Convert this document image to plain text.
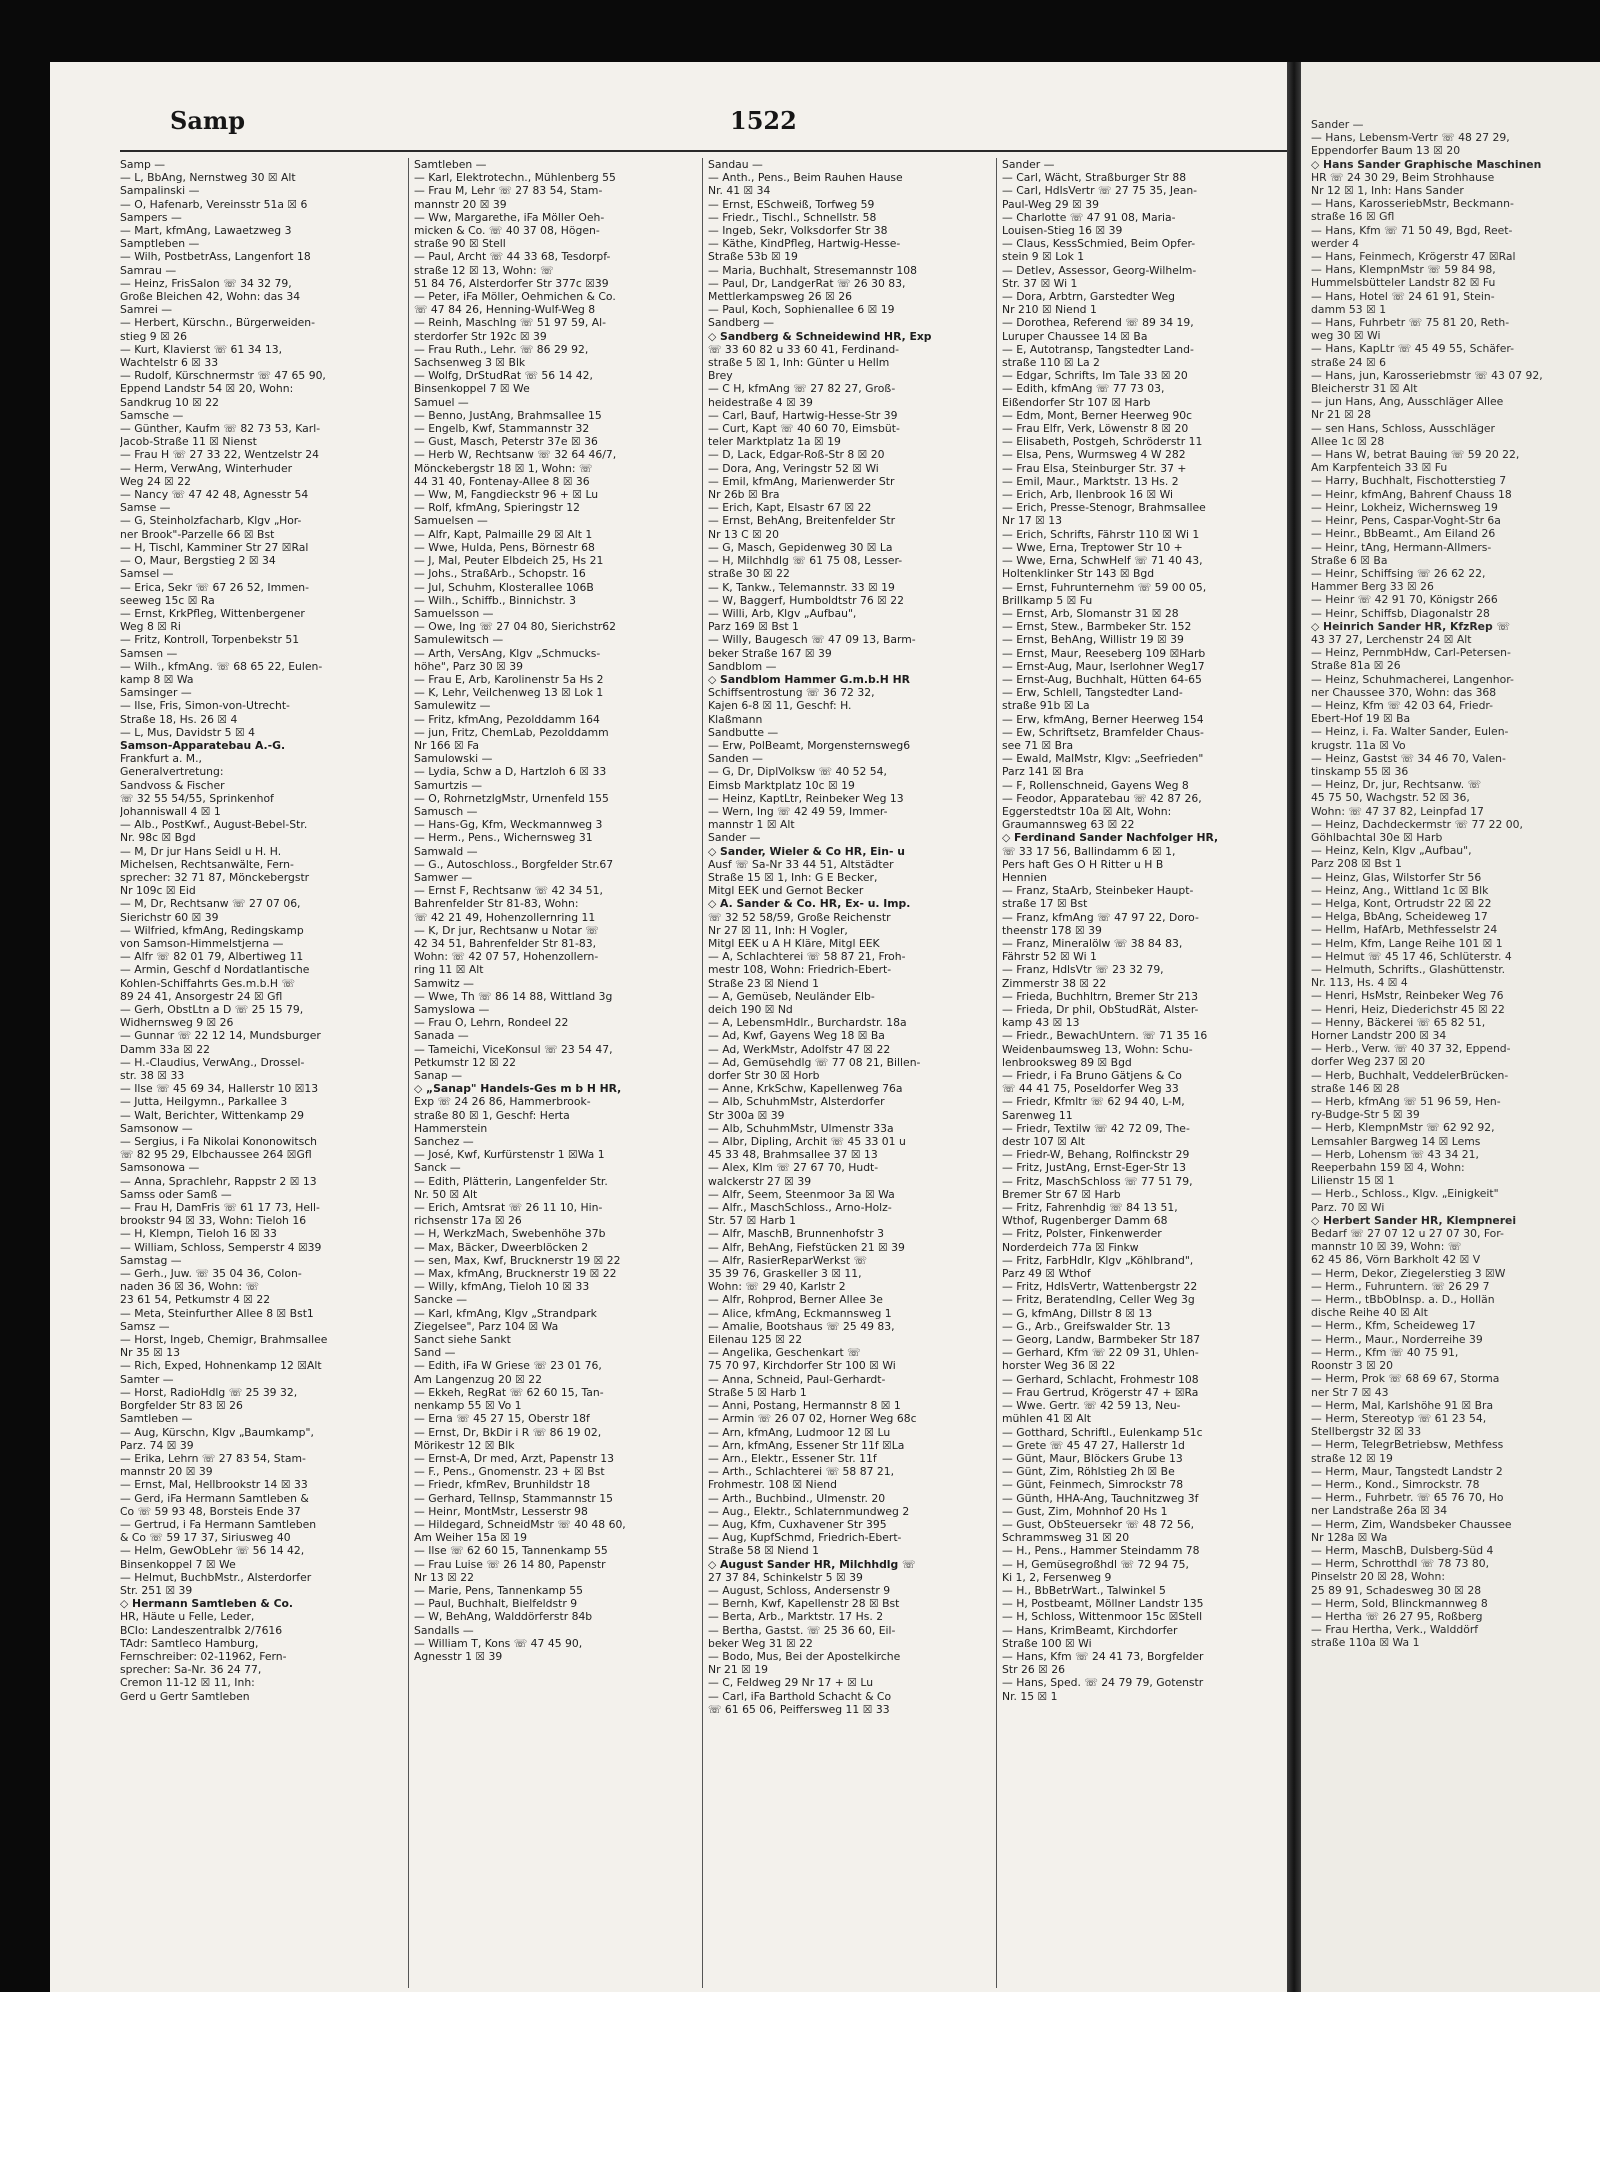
Samp	1522
Samp —
— L, BbAng, Nernstweg 30 ☒ Alt
Sampalinski —
— O, Hafenarb, Vereinsstr 51a ☒ 6
Sampers —
— Mart, kfmAng, Lawaetzweg 3
Samptleben —
— Wilh, PostbetrAss, Langenfort 18
Samrau —
— Heinz, FrisSalon ☏ 34 32 79,
Große Bleichen 42, Wohn: das 34
Samrei —
— Herbert, Kürschn., Bürgerweiden-
stieg 9 ☒ 26
— Kurt, Klavierst ☏ 61 34 13,
Wachtelstr 6 ☒ 33
— Rudolf, Kürschnermstr ☏ 47 65 90,
Eppend Landstr 54 ☒ 20, Wohn:
Sandkrug 10 ☒ 22
Samsche —
— Günther, Kaufm ☏ 82 73 53, Karl-
Jacob-Straße 11 ☒ Nienst
— Frau H ☏ 27 33 22, Wentzelstr 24
— Herm, VerwAng, Winterhuder
Weg 24 ☒ 22
— Nancy ☏ 47 42 48, Agnesstr 54
Samse —
— G, Steinholzfacharb, Klgv „Hor-
ner Brook"-Parzelle 66 ☒ Bst
— H, Tischl, Kamminer Str 27 ☒Ral
— O, Maur, Bergstieg 2 ☒ 34
Samsel —
— Erica, Sekr ☏ 67 26 52, Immen-
seeweg 15c ☒ Ra
— Ernst, KrkPfleg, Wittenbergener
Weg 8 ☒ Ri
— Fritz, Kontroll, Torpenbekstr 51
Samsen —
— Wilh., kfmAng. ☏ 68 65 22, Eulen-
kamp 8 ☒ Wa
Samsinger —
— Ilse, Fris, Simon-von-Utrecht-
Straße 18, Hs. 26 ☒ 4
— L, Mus, Davidstr 5 ☒ 4
Samson-Apparatebau A.-G.
Frankfurt a. M.,
Generalvertretung:
Sandvoss & Fischer
☏ 32 55 54/55, Sprinkenhof
Johanniswall 4 ☒ 1
— Alb., PostKwf., August-Bebel-Str.
Nr. 98c ☒ Bgd
— M, Dr jur Hans Seidl u H. H.
Michelsen, Rechtsanwälte, Fern-
sprecher: 32 71 87, Mönckebergstr
Nr 109c ☒ Eid
— M, Dr, Rechtsanw ☏ 27 07 06,
Sierichstr 60 ☒ 39
— Wilfried, kfmAng, Redingskamp
von Samson-Himmelstjerna —
— Alfr ☏ 82 01 79, Albertiweg 11
— Armin, Geschf d Nordatlantische
Kohlen-Schiffahrts Ges.m.b.H ☏
89 24 41, Ansorgestr 24 ☒ Gfl
— Gerh, ObstLtn a D ☏ 25 15 79,
Widhernsweg 9 ☒ 26
— Gunnar ☏ 22 12 14, Mundsburger
Damm 33a ☒ 22
— H.-Claudius, VerwAng., Drossel-
str. 38 ☒ 33
— Ilse ☏ 45 69 34, Hallerstr 10 ☒13
— Jutta, Heilgymn., Parkallee 3
— Walt, Berichter, Wittenkamp 29
Samsonow —
— Sergius, i Fa Nikolai Kononowitsch
☏ 82 95 29, Elbchaussee 264 ☒Gfl
Samsonowa —
— Anna, Sprachlehr, Rappstr 2 ☒ 13
Samss oder Samß —
— Frau H, DamFris ☏ 61 17 73, Hell-
brookstr 94 ☒ 33, Wohn: Tieloh 16
— H, Klempn, Tieloh 16 ☒ 33
— William, Schloss, Semperstr 4 ☒39
Samstag —
— Gerh., Juw. ☏ 35 04 36, Colon-
naden 36 ☒ 36, Wohn: ☏
23 61 54, Petkumstr 4 ☒ 22
— Meta, Steinfurther Allee 8 ☒ Bst1
Samsz —
— Horst, Ingeb, Chemigr, Brahmsallee
Nr 35 ☒ 13
— Rich, Exped, Hohnenkamp 12 ☒Alt
Samter —
— Horst, RadioHdlg ☏ 25 39 32,
Borgfelder Str 83 ☒ 26
Samtleben —
— Aug, Kürschn, Klgv „Baumkamp",
Parz. 74 ☒ 39
— Erika, Lehrn ☏ 27 83 54, Stam-
mannstr 20 ☒ 39
— Ernst, Mal, Hellbrookstr 14 ☒ 33
— Gerd, iFa Hermann Samtleben &
Co ☏ 59 93 48, Borsteis Ende 37
— Gertrud, i Fa Hermann Samtleben
& Co ☏ 59 17 37, Siriusweg 40
— Helm, GewObLehr ☏ 56 14 42,
Binsenkoppel 7 ☒ We
— Helmut, BuchbMstr., Alsterdorfer
Str. 251 ☒ 39
◇ Hermann Samtleben & Co.
HR, Häute u Felle, Leder,
BCIo: Landeszentralbk 2/7616
TAdr: Samtleco Hamburg,
Fernschreiber: 02-11962, Fern-
sprecher: Sa-Nr. 36 24 77,
Cremon 11-12 ☒ 11, Inh:
Gerd u Gertr Samtleben
Samtleben —
— Karl, Elektrotechn., Mühlenberg 55
— Frau M, Lehr ☏ 27 83 54, Stam-
mannstr 20 ☒ 39
— Ww, Margarethe, iFa Möller Oeh-
micken & Co. ☏ 40 37 08, Högen-
straße 90 ☒ Stell
— Paul, Archt ☏ 44 33 68, Tesdorpf-
straße 12 ☒ 13, Wohn: ☏
51 84 76, Alsterdorfer Str 377c ☒39
— Peter, iFa Möller, Oehmichen & Co.
☏ 47 84 26, Henning-Wulf-Weg 8
— Reinh, Maschlng ☏ 51 97 59, Al-
sterdorfer Str 192c ☒ 39
— Frau Ruth., Lehr. ☏ 86 29 92,
Sachsenweg 3 ☒ Blk
— Wolfg, DrStudRat ☏ 56 14 42,
Binsenkoppel 7 ☒ We
Samuel —
— Benno, JustAng, Brahmsallee 15
— Engelb, Kwf, Stammannstr 32
— Gust, Masch, Peterstr 37e ☒ 36
— Herb W, Rechtsanw ☏ 32 64 46/7,
Mönckebergstr 18 ☒ 1, Wohn: ☏
44 31 40, Fontenay-Allee 8 ☒ 36
— Ww, M, Fangdieckstr 96 + ☒ Lu
— Rolf, kfmAng, Spieringstr 12
Samuelsen —
— Alfr, Kapt, Palmaille 29 ☒ Alt 1
— Wwe, Hulda, Pens, Börnestr 68
— J, Mal, Peuter Elbdeich 25, Hs 21
— Johs., StraßArb., Schopstr. 16
— Jul, Schuhm, Klosterallee 106B
— Wilh., Schiffb., Binnichstr. 3
Samuelsson —
— Owe, Ing ☏ 27 04 80, Sierichstr62
Samulewitsch —
— Arth, VersAng, Klgv „Schmucks-
höhe", Parz 30 ☒ 39
— Frau E, Arb, Karolinenstr 5a Hs 2
— K, Lehr, Veilchenweg 13 ☒ Lok 1
Samulewitz —
— Fritz, kfmAng, Pezolddamm 164
— jun, Fritz, ChemLab, Pezolddamm
Nr 166 ☒ Fa
Samulowski —
— Lydia, Schw a D, Hartzloh 6 ☒ 33
Samurtzis —
— O, RohrnetzlgMstr, Urnenfeld 155
Samusch —
— Hans-Gg, Kfm, Weckmannweg 3
— Herm., Pens., Wichernsweg 31
Samwald —
— G., Autoschloss., Borgfelder Str.67
Samwer —
— Ernst F, Rechtsanw ☏ 42 34 51,
Bahrenfelder Str 81-83, Wohn:
☏ 42 21 49, Hohenzollernring 11
— K, Dr jur, Rechtsanw u Notar ☏
42 34 51, Bahrenfelder Str 81-83,
Wohn: ☏ 42 07 57, Hohenzollern-
ring 11 ☒ Alt
Samwitz —
— Wwe, Th ☏ 86 14 88, Wittland 3g
Samyslowa —
— Frau O, Lehrn, Rondeel 22
Sanada —
— Tameichi, ViceKonsul ☏ 23 54 47,
Petkumstr 12 ☒ 22
Sanap —
◇ „Sanap" Handels-Ges m b H HR,
Exp ☏ 24 26 86, Hammerbrook-
straße 80 ☒ 1, Geschf: Herta
Hammerstein
Sanchez —
— José, Kwf, Kurfürstenstr 1 ☒Wa 1
Sanck —
— Edith, Plätterin, Langenfelder Str.
Nr. 50 ☒ Alt
— Erich, Amtsrat ☏ 26 11 10, Hin-
richsenstr 17a ☒ 26
— H, WerkzMach, Swebenhöhe 37b
— Max, Bäcker, Dweerblöcken 2
— sen, Max, Kwf, Brucknerstr 19 ☒ 22
— Max, kfmAng, Brucknerstr 19 ☒ 22
— Willy, kfmAng, Tieloh 10 ☒ 33
Sancke —
— Karl, kfmAng, Klgv „Strandpark
Ziegelsee", Parz 104 ☒ Wa
Sanct siehe Sankt
Sand —
— Edith, iFa W Griese ☏ 23 01 76,
Am Langenzug 20 ☒ 22
— Ekkeh, RegRat ☏ 62 60 15, Tan-
nenkamp 55 ☒ Vo 1
— Erna ☏ 45 27 15, Oberstr 18f
— Ernst, Dr, BkDir i R ☏ 86 19 02,
Mörikestr 12 ☒ Blk
— Ernst-A, Dr med, Arzt, Papenstr 13
— F., Pens., Gnomenstr. 23 + ☒ Bst
— Friedr, kfmRev, Brunhildstr 18
— Gerhard, Tellnsp, Stammannstr 15
— Heinr, MontMstr, Lesserstr 98
— Hildegard, SchneidMstr ☏ 40 48 60,
Am Weiher 15a ☒ 19
— Ilse ☏ 62 60 15, Tannenkamp 55
— Frau Luise ☏ 26 14 80, Papenstr
Nr 13 ☒ 22
— Marie, Pens, Tannenkamp 55
— Paul, Buchhalt, Bielfeldstr 9
— W, BehAng, Walddörferstr 84b
Sandalls —
— William T, Kons ☏ 47 45 90,
Agnesstr 1 ☒ 39
Sandau —
— Anth., Pens., Beim Rauhen Hause
Nr. 41 ☒ 34
— Ernst, ESchweiß, Torfweg 59
— Friedr., Tischl., Schnellstr. 58
— Ingeb, Sekr, Volksdorfer Str 38
— Käthe, KindPfleg, Hartwig-Hesse-
Straße 53b ☒ 19
— Maria, Buchhalt, Stresemannstr 108
— Paul, Dr, LandgerRat ☏ 26 30 83,
Mettlerkampsweg 26 ☒ 26
— Paul, Koch, Sophienallee 6 ☒ 19
Sandberg —
◇ Sandberg & Schneidewind HR, Exp
☏ 33 60 82 u 33 60 41, Ferdinand-
straße 5 ☒ 1, Inh: Günter u Hellm
Brey
— C H, kfmAng ☏ 27 82 27, Groß-
heidestraße 4 ☒ 39
— Carl, Bauf, Hartwig-Hesse-Str 39
— Curt, Kapt ☏ 40 60 70, Eimsbüt-
teler Marktplatz 1a ☒ 19
— D, Lack, Edgar-Roß-Str 8 ☒ 20
— Dora, Ang, Veringstr 52 ☒ Wi
— Emil, kfmAng, Marienwerder Str
Nr 26b ☒ Bra
— Erich, Kapt, Elsastr 67 ☒ 22
— Ernst, BehAng, Breitenfelder Str
Nr 13 C ☒ 20
— G, Masch, Gepidenweg 30 ☒ La
— H, Milchhdlg ☏ 61 75 08, Lesser-
straße 30 ☒ 22
— K, Tankw., Telemannstr. 33 ☒ 19
— W, Baggerf, Humboldtstr 76 ☒ 22
— Willi, Arb, Klgv „Aufbau",
Parz 169 ☒ Bst 1
— Willy, Baugesch ☏ 47 09 13, Barm-
beker Straße 167 ☒ 39
Sandblom —
◇ Sandblom Hammer G.m.b.H HR
Schiffsentrostung ☏ 36 72 32,
Kajen 6-8 ☒ 11, Geschf: H.
Klaßmann
Sandbutte —
— Erw, PolBeamt, Morgensternsweg6
Sanden —
— G, Dr, DiplVolksw ☏ 40 52 54,
Eimsb Marktplatz 10c ☒ 19
— Heinz, KaptLtr, Reinbeker Weg 13
— Wern, Ing ☏ 42 49 59, Immer-
mannstr 1 ☒ Alt
Sander —
◇ Sander, Wieler & Co HR, Ein- u
Ausf ☏ Sa-Nr 33 44 51, Altstädter
Straße 15 ☒ 1, Inh: G E Becker,
Mitgl EEK und Gernot Becker
◇ A. Sander & Co. HR, Ex- u. Imp.
☏ 32 52 58/59, Große Reichenstr
Nr 27 ☒ 11, Inh: H Vogler,
Mitgl EEK u A H Kläre, Mitgl EEK
— A, Schlachterei ☏ 58 87 21, Froh-
mestr 108, Wohn: Friedrich-Ebert-
Straße 23 ☒ Niend 1
— A, Gemüseb, Neuländer Elb-
deich 190 ☒ Nd
— A, LebensmHdlr., Burchardstr. 18a
— Ad, Kwf, Gayens Weg 18 ☒ Ba
— Ad, WerkMstr, Adolfstr 47 ☒ 22
— Ad, Gemüsehdlg ☏ 77 08 21, Billen-
dorfer Str 30 ☒ Horb
— Anne, KrkSchw, Kapellenweg 76a
— Alb, SchuhmMstr, Alsterdorfer
Str 300a ☒ 39
— Alb, SchuhmMstr, Ulmenstr 33a
— Albr, Dipling, Archit ☏ 45 33 01 u
45 33 48, Brahmsallee 37 ☒ 13
— Alex, Klm ☏ 27 67 70, Hudt-
walckerstr 27 ☒ 39
— Alfr, Seem, Steenmoor 3a ☒ Wa
— Alfr., MaschSchloss., Arno-Holz-
Str. 57 ☒ Harb 1
— Alfr, MaschB, Brunnenhofstr 3
— Alfr, BehAng, Fiefstücken 21 ☒ 39
— Alfr, RasierReparWerkst ☏
35 39 76, Graskeller 3 ☒ 11,
Wohn: ☏ 29 40, Karlstr 2
— Alfr, Rohprod, Berner Allee 3e
— Alice, kfmAng, Eckmannsweg 1
— Amalie, Bootshaus ☏ 25 49 83,
Eilenau 125 ☒ 22
— Angelika, Geschenkart ☏
75 70 97, Kirchdorfer Str 100 ☒ Wi
— Anna, Schneid, Paul-Gerhardt-
Straße 5 ☒ Harb 1
— Anni, Postang, Hermannstr 8 ☒ 1
— Armin ☏ 26 07 02, Horner Weg 68c
— Arn, kfmAng, Ludmoor 12 ☒ Lu
— Arn, kfmAng, Essener Str 11f ☒La
— Arn., Elektr., Essener Str. 11f
— Arth., Schlachterei ☏ 58 87 21,
Frohmestr. 108 ☒ Niend
— Arth., Buchbind., Ulmenstr. 20
— Aug., Elektr., Schlaternmundweg 2
— Aug, Kfm, Cuxhavener Str 395
— Aug, KupfSchmd, Friedrich-Ebert-
Straße 58 ☒ Niend 1
◇ August Sander HR, Milchhdlg ☏
27 37 84, Schinkelstr 5 ☒ 39
— August, Schloss, Andersenstr 9
— Bernh, Kwf, Kapellenstr 28 ☒ Bst
— Berta, Arb., Marktstr. 17 Hs. 2
— Bertha, Gastst. ☏ 25 36 60, Eil-
beker Weg 31 ☒ 22
— Bodo, Mus, Bei der Apostelkirche
Nr 21 ☒ 19
— C, Feldweg 29 Nr 17 + ☒ Lu
— Carl, iFa Barthold Schacht & Co
☏ 61 65 06, Peiffersweg 11 ☒ 33
Sander —
— Carl, Wächt, Straßburger Str 88
— Carl, HdlsVertr ☏ 27 75 35, Jean-
Paul-Weg 29 ☒ 39
— Charlotte ☏ 47 91 08, Maria-
Louisen-Stieg 16 ☒ 39
— Claus, KessSchmied, Beim Opfer-
stein 9 ☒ Lok 1
— Detlev, Assessor, Georg-Wilhelm-
Str. 37 ☒ Wi 1
— Dora, Arbtrn, Garstedter Weg
Nr 210 ☒ Niend 1
— Dorothea, Referend ☏ 89 34 19,
Luruper Chaussee 14 ☒ Ba
— E, Autotransp, Tangstedter Land-
straße 110 ☒ La 2
— Edgar, Schrifts, Im Tale 33 ☒ 20
— Edith, kfmAng ☏ 77 73 03,
Eißendorfer Str 107 ☒ Harb
— Edm, Mont, Berner Heerweg 90c
— Frau Elfr, Verk, Löwenstr 8 ☒ 20
— Elisabeth, Postgeh, Schröderstr 11
— Elsa, Pens, Wurmsweg 4 W 282
— Frau Elsa, Steinburger Str. 37 +
— Emil, Maur., Marktstr. 13 Hs. 2
— Erich, Arb, Ilenbrook 16 ☒ Wi
— Erich, Presse-Stenogr, Brahmsallee
Nr 17 ☒ 13
— Erich, Schrifts, Fährstr 110 ☒ Wi 1
— Wwe, Erna, Treptower Str 10 +
— Wwe, Erna, SchwHelf ☏ 71 40 43,
Holtenklinker Str 143 ☒ Bgd
— Ernst, Fuhrunternehm ☏ 59 00 05,
Brillkamp 5 ☒ Fu
— Ernst, Arb, Slomanstr 31 ☒ 28
— Ernst, Stew., Barmbeker Str. 152
— Ernst, BehAng, Willistr 19 ☒ 39
— Ernst, Maur, Reeseberg 109 ☒Harb
— Ernst-Aug, Maur, Iserlohner Weg17
— Ernst-Aug, Buchhalt, Hütten 64-65
— Erw, Schlell, Tangstedter Land-
straße 91b ☒ La
— Erw, kfmAng, Berner Heerweg 154
— Ew, Schriftsetz, Bramfelder Chaus-
see 71 ☒ Bra
— Ewald, MalMstr, Klgv: „Seefrieden"
Parz 141 ☒ Bra
— F, Rollenschneid, Gayens Weg 8
— Feodor, Apparatebau ☏ 42 87 26,
Eggerstedtstr 10a ☒ Alt, Wohn:
Graumannsweg 63 ☒ 22
◇ Ferdinand Sander Nachfolger HR,
☏ 33 17 56, Ballindamm 6 ☒ 1,
Pers haft Ges O H Ritter u H B
Hennien
— Franz, StaArb, Steinbeker Haupt-
straße 17 ☒ Bst
— Franz, kfmAng ☏ 47 97 22, Doro-
theenstr 178 ☒ 39
— Franz, Mineralölw ☏ 38 84 83,
Fährstr 52 ☒ Wi 1
— Franz, HdlsVtr ☏ 23 32 79,
Zimmerstr 38 ☒ 22
— Frieda, Buchhltrn, Bremer Str 213
— Frieda, Dr phil, ObStudRät, Alster-
kamp 43 ☒ 13
— Friedr., BewachUntern. ☏ 71 35 16
Weidenbaumsweg 13, Wohn: Schu-
lenbrooksweg 89 ☒ Bgd
— Friedr, i Fa Bruno Gätjens & Co
☏ 44 41 75, Poseldorfer Weg 33
— Friedr, Kfmltr ☏ 62 94 40, L-M,
Sarenweg 11
— Friedr, Textilw ☏ 42 72 09, The-
destr 107 ☒ Alt
— Friedr-W, Behang, Rolfinckstr 29
— Fritz, JustAng, Ernst-Eger-Str 13
— Fritz, MaschSchloss ☏ 77 51 79,
Bremer Str 67 ☒ Harb
— Fritz, Fahrenhdig ☏ 84 13 51,
Wthof, Rugenberger Damm 68
— Fritz, Polster, Finkenwerder
Norderdeich 77a ☒ Finkw
— Fritz, FarbHdlr, Klgv „Köhlbrand",
Parz 49 ☒ Wthof
— Fritz, HdlsVertr, Wattenbergstr 22
— Fritz, BeratendIng, Celler Weg 3g
— G, kfmAng, Dillstr 8 ☒ 13
— G., Arb., Greifswalder Str. 13
— Georg, Landw, Barmbeker Str 187
— Gerhard, Kfm ☏ 22 09 31, Uhlen-
horster Weg 36 ☒ 22
— Gerhard, Schlacht, Frohmestr 108
— Frau Gertrud, Krögerstr 47 + ☒Ra
— Wwe. Gertr. ☏ 42 59 13, Neu-
mühlen 41 ☒ Alt
— Gotthard, Schriftl., Eulenkamp 51c
— Grete ☏ 45 47 27, Hallerstr 1d
— Günt, Maur, Blöckers Grube 13
— Günt, Zim, Röhlstieg 2h ☒ Be
— Günt, Feinmech, Simrockstr 78
— Günth, HHA-Ang, Tauchnitzweg 3f
— Gust, Zim, Mohnhof 20 Hs 1
— Gust, ObSteuersekr ☏ 48 72 56,
Schrammsweg 31 ☒ 20
— H., Pens., Hammer Steindamm 78
— H, Gemüsegroßhdl ☏ 72 94 75,
Ki 1, 2, Fersenweg 9
— H., BbBetrWart., Talwinkel 5
— H, Postbeamt, Möllner Landstr 135
— H, Schloss, Wittenmoor 15c ☒Stell
— Hans, KrimBeamt, Kirchdorfer
Straße 100 ☒ Wi
— Hans, Kfm ☏ 24 41 73, Borgfelder
Str 26 ☒ 26
— Hans, Sped. ☏ 24 79 79, Gotenstr
Nr. 15 ☒ 1
Sander —
— Hans, Lebensm-Vertr ☏ 48 27 29,
Eppendorfer Baum 13 ☒ 20
◇ Hans Sander Graphische Maschinen
HR ☏ 24 30 29, Beim Strohhause
Nr 12 ☒ 1, Inh: Hans Sander
— Hans, KarosseriebMstr, Beckmann-
straße 16 ☒ Gfl
— Hans, Kfm ☏ 71 50 49, Bgd, Reet-
werder 4
— Hans, Feinmech, Krögerstr 47 ☒Ral
— Hans, KlempnMstr ☏ 59 84 98,
Hummelsbütteler Landstr 82 ☒ Fu
— Hans, Hotel ☏ 24 61 91, Stein-
damm 53 ☒ 1
— Hans, Fuhrbetr ☏ 75 81 20, Reth-
weg 30 ☒ Wi
— Hans, KapLtr ☏ 45 49 55, Schäfer-
straße 24 ☒ 6
— Hans, jun, Karosseriebmstr ☏ 43 07 92,
Bleicherstr 31 ☒ Alt
— jun Hans, Ang, Ausschläger Allee
Nr 21 ☒ 28
— sen Hans, Schloss, Ausschläger
Allee 1c ☒ 28
— Hans W, betrat Bauing ☏ 59 20 22,
Am Karpfenteich 33 ☒ Fu
— Harry, Buchhalt, Fischotterstieg 7
— Heinr, kfmAng, Bahrenf Chauss 18
— Heinr, Lokheiz, Wichernsweg 19
— Heinr, Pens, Caspar-Voght-Str 6a
— Heinr., BbBeamt., Am Eiland 26
— Heinr, tAng, Hermann-Allmers-
Straße 6 ☒ Ba
— Heinr, Schiffsing ☏ 26 62 22,
Hammer Berg 33 ☒ 26
— Heinr ☏ 42 91 70, Königstr 266
— Heinr, Schiffsb, Diagonalstr 28
◇ Heinrich Sander HR, KfzRep ☏
43 37 27, Lerchenstr 24 ☒ Alt
— Heinz, PernmbHdw, Carl-Petersen-
Straße 81a ☒ 26
— Heinz, Schuhmacherei, Langenhor-
ner Chaussee 370, Wohn: das 368
— Heinz, Kfm ☏ 42 03 64, Friedr-
Ebert-Hof 19 ☒ Ba
— Heinz, i. Fa. Walter Sander, Eulen-
krugstr. 11a ☒ Vo
— Heinz, Gastst ☏ 34 46 70, Valen-
tinskamp 55 ☒ 36
— Heinz, Dr, jur, Rechtsanw. ☏
45 75 50, Wachgstr. 52 ☒ 36,
Wohn: ☏ 47 37 82, Leinpfad 17
— Heinz, Dachdeckermstr ☏ 77 22 00,
Göhlbachtal 30e ☒ Harb
— Heinz, Keln, Klgv „Aufbau",
Parz 208 ☒ Bst 1
— Heinz, Glas, Wilstorfer Str 56
— Heinz, Ang., Wittland 1c ☒ Blk
— Helga, Kont, Ortrudstr 22 ☒ 22
— Helga, BbAng, Scheideweg 17
— Hellm, HafArb, Methfesselstr 24
— Helm, Kfm, Lange Reihe 101 ☒ 1
— Helmut ☏ 45 17 46, Schlüterstr. 4
— Helmuth, Schrifts., Glashüttenstr.
Nr. 113, Hs. 4 ☒ 4
— Henri, HsMstr, Reinbeker Weg 76
— Henri, Heiz, Diederichstr 45 ☒ 22
— Henny, Bäckerei ☏ 65 82 51,
Horner Landstr 200 ☒ 34
— Herb., Verw. ☏ 40 37 32, Eppend-
dorfer Weg 237 ☒ 20
— Herb, Buchhalt, VeddelerBrücken-
straße 146 ☒ 28
— Herb, kfmAng ☏ 51 96 59, Hen-
ry-Budge-Str 5 ☒ 39
— Herb, KlempnMstr ☏ 62 92 92,
Lemsahler Bargweg 14 ☒ Lems
— Herb, Lohensm ☏ 43 34 21,
Reeperbahn 159 ☒ 4, Wohn:
Lilienstr 15 ☒ 1
— Herb., Schloss., Klgv. „Einigkeit"
Parz. 70 ☒ Wi
◇ Herbert Sander HR, Klempnerei
Bedarf ☏ 27 07 12 u 27 07 30, For-
mannstr 10 ☒ 39, Wohn: ☏
62 45 86, Vörn Barkholt 42 ☒ V
— Herm, Dekor, Ziegelerstieg 3 ☒W
— Herm., Fuhruntern. ☏ 26 29 7
— Herm., tBbObInsp. a. D., Hollän
dische Reihe 40 ☒ Alt
— Herm., Kfm, Scheideweg 17
— Herm., Maur., Norderreihe 39
— Herm., Kfm ☏ 40 75 91,
Roonstr 3 ☒ 20
— Herm, Prok ☏ 68 69 67, Storma
ner Str 7 ☒ 43
— Herm, Mal, Karlshöhe 91 ☒ Bra
— Herm, Stereotyp ☏ 61 23 54,
Stellbergstr 32 ☒ 33
— Herm, TelegrBetriebsw, Methfess
straße 12 ☒ 19
— Herm, Maur, Tangstedt Landstr 2
— Herm., Kond., Simrockstr. 78
— Herm., Fuhrbetr. ☏ 65 76 70, Ho
ner Landstraße 26a ☒ 34
— Herm, Zim, Wandsbeker Chaussee
Nr 128a ☒ Wa
— Herm, MaschB, Dulsberg-Süd 4
— Herm, Schrotthdl ☏ 78 73 80,
Pinselstr 20 ☒ 28, Wohn:
25 89 91, Schadesweg 30 ☒ 28
— Herm, Sold, Blinckmannweg 8
— Hertha ☏ 26 27 95, Roßberg
— Frau Hertha, Verk., Walddörf
straße 110a ☒ Wa 1
